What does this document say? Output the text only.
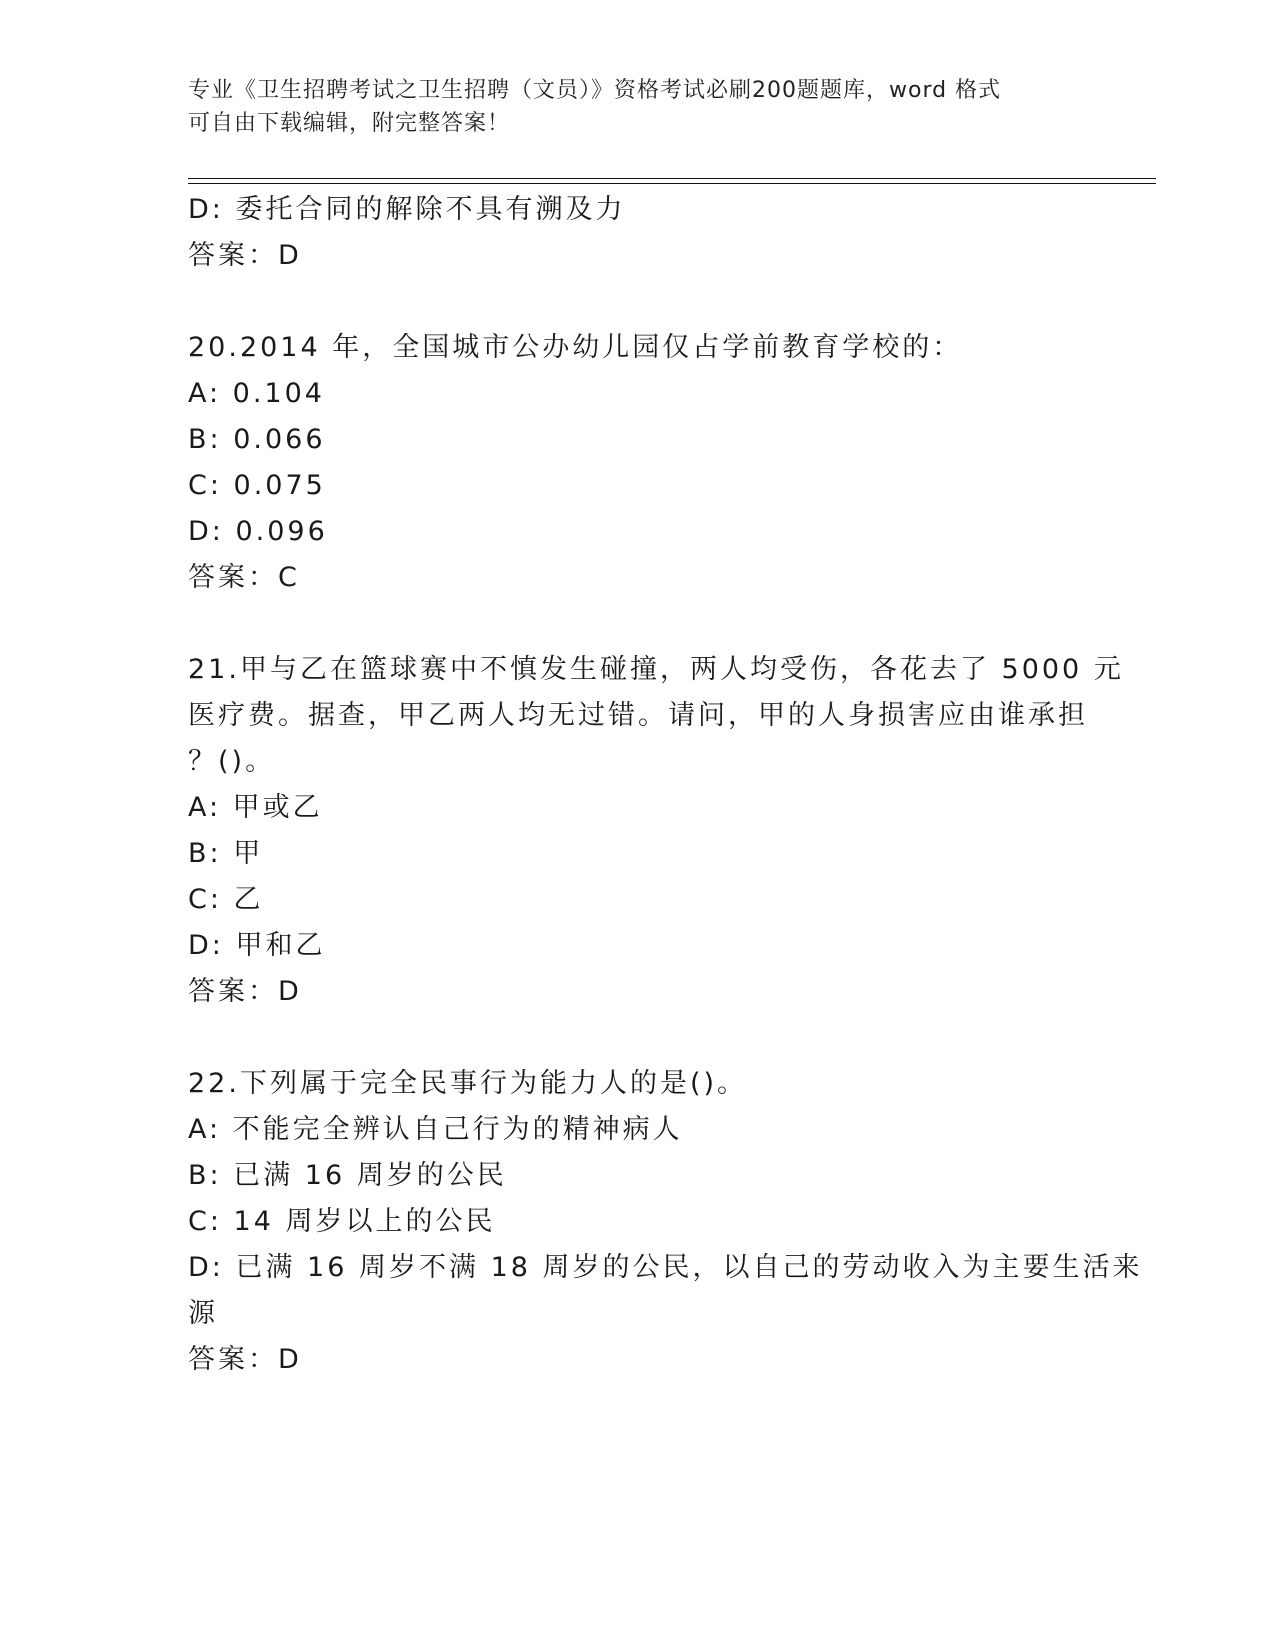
专业《卫生招聘考试之卫生招聘（文员）》资格考试必刷200题题库，word 格式
可自由下载编辑，附完整答案！
D: 委托合同的解除不具有溯及力
答案：D
20.2014 年，全国城市公办幼儿园仅占学前教育学校的：
A: 0.104
B: 0.066
C: 0.075
D: 0.096
答案：C
21.甲与乙在篮球赛中不慎发生碰撞，两人均受伤，各花去了 5000 元
医疗费。据查，甲乙两人均无过错。请问，甲的人身损害应由谁承担
？()。
A: 甲或乙
B: 甲
C: 乙
D: 甲和乙
答案：D
22.下列属于完全民事行为能力人的是()。
A: 不能完全辨认自己行为的精神病人
B: 已满 16 周岁的公民
C: 14 周岁以上的公民
D: 已满 16 周岁不满 18 周岁的公民，以自己的劳动收入为主要生活来
源
答案：D
